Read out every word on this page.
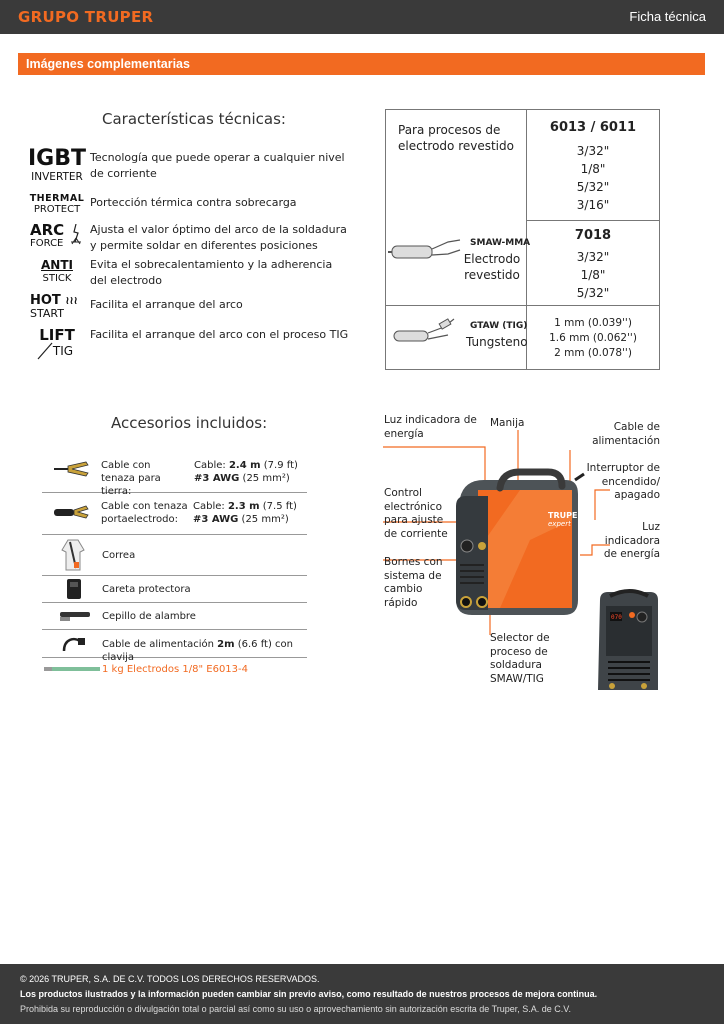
GRUPO TRUPER	Ficha técnica
Imágenes complementarias
Características técnicas:
IGBT
INVERTER
Tecnología que puede operar a cualquier nivel de corriente
THERMAL
PROTECT
Portección térmica contra sobrecarga
ARC
FORCE
Ajusta el valor óptimo del arco de la soldadura y permite soldar en diferentes posiciones
ANTI
STICK
Evita el sobrecalentamiento y la adherencia del electrodo
HOT ≀≀≀
START
Facilita el arranque del arco
LIFT
TIG
Facilita el arranque del arco con el proceso TIG
Para procesos de electrodo revestido
SMAW-MMA
Electrodo revestido
GTAW (TIG)
Tungsteno
6013 / 6011
3/32"
1/8"
5/32"
3/16"
7018
3/32"
1/8"
5/32"
1 mm (0.039'')
1.6 mm (0.062'')
2 mm (0.078'')
Accesorios incluidos:
Cable con tenaza para tierra:
Cable: 2.4 m (7.9 ft)
#3 AWG (25 mm²)
Cable con tenaza portaelectrodo:
Cable: 2.3 m (7.5 ft)
#3 AWG (25 mm²)
Correa
Careta protectora
Cepillo de alambre
Cable de alimentación 2m (6.6 ft) con clavija
1 kg Electrodos 1/8" E6013-4
TRUPER
expert
070
Luz indicadora de energía
Manija	Cable de alimentación
Interruptor de encendido/ apagado
Luz indicadora de energía
Control electrónico para ajuste de corriente
Bornes con sistema de cambio rápido
Selector de proceso de soldadura SMAW/TIG
© 2026 TRUPER, S.A. DE C.V. TODOS LOS DERECHOS RESERVADOS.
Los productos ilustrados y la información pueden cambiar sin previo aviso, como resultado de nuestros procesos de mejora continua.
Prohibida su reproducción o divulgación total o parcial así como su uso o aprovechamiento sin autorización escrita de Truper, S.A. de C.V.
